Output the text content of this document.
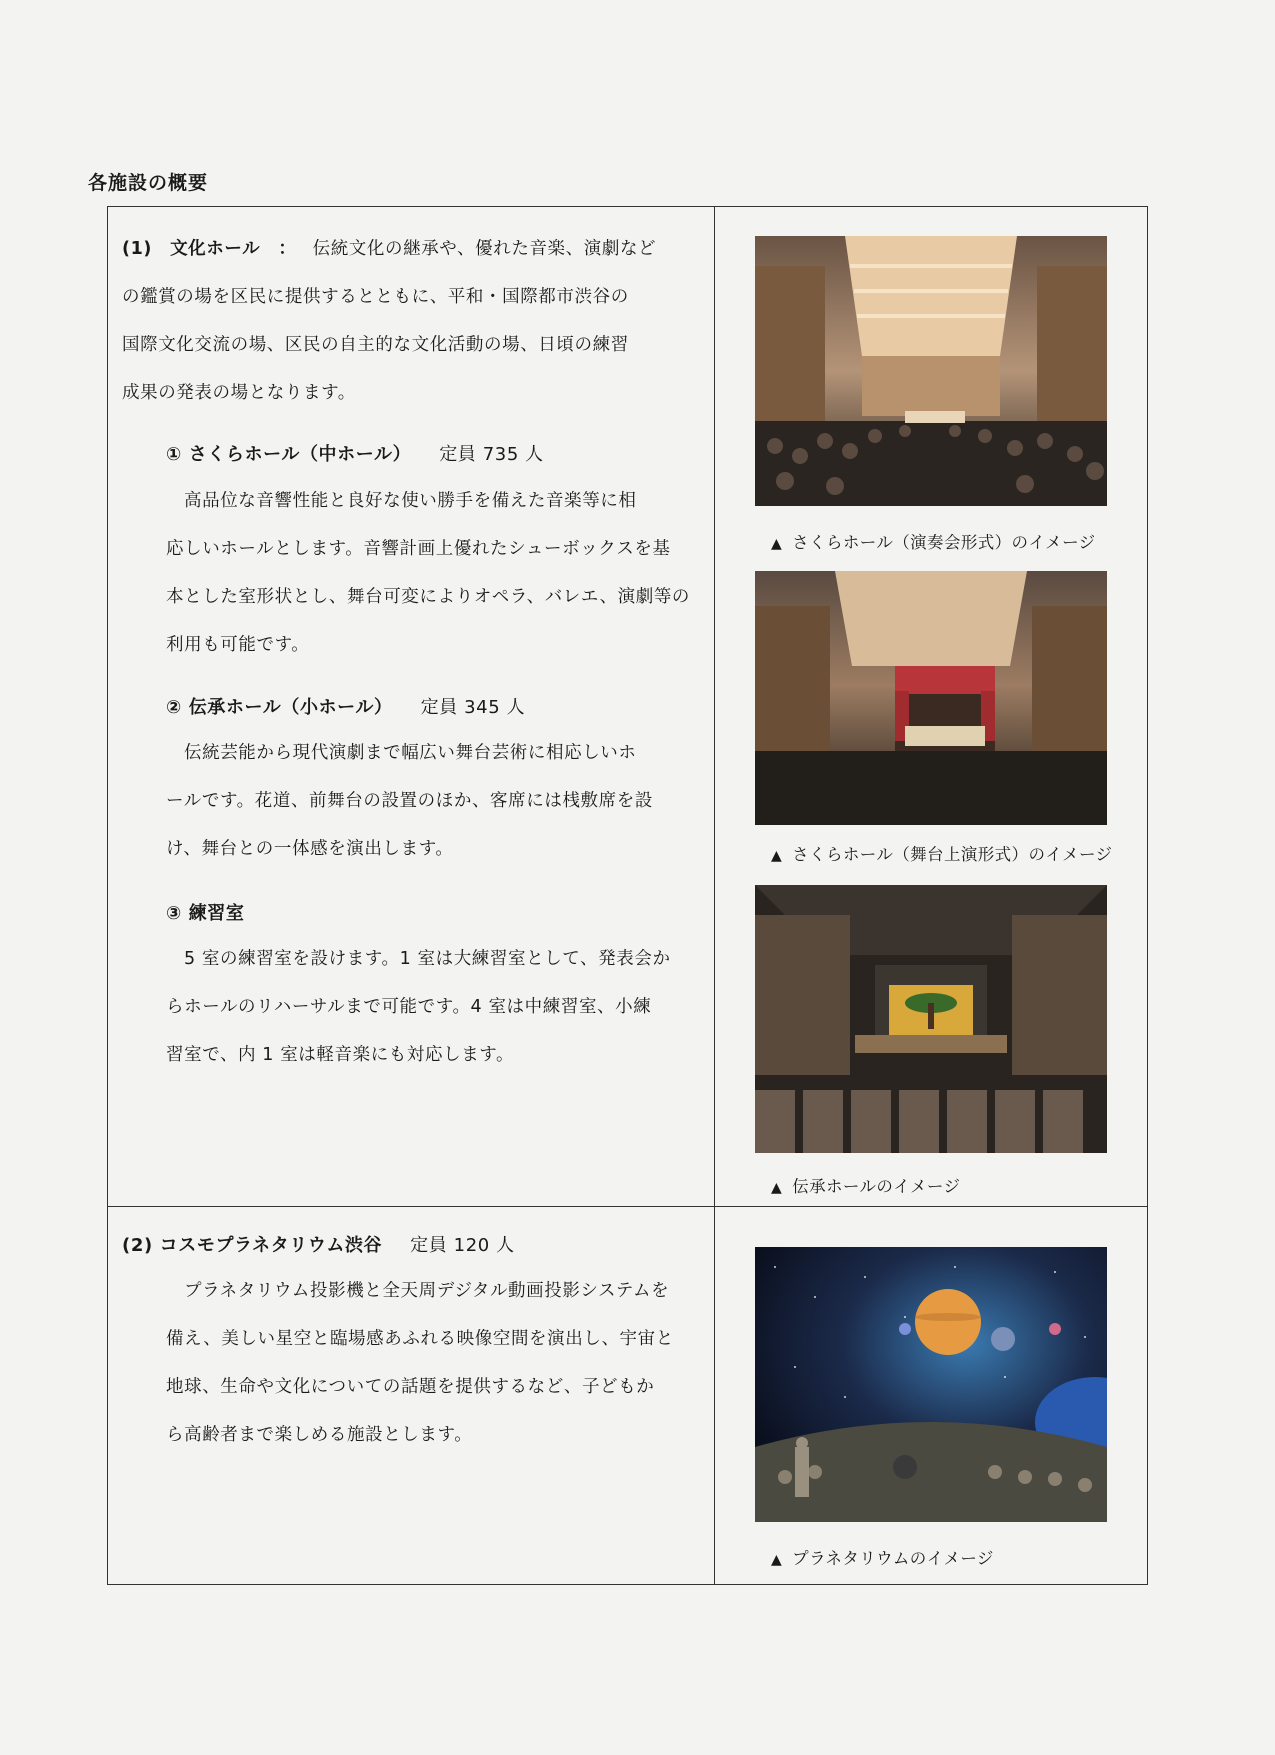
各施設の概要
(1)　文化ホール　： 伝統文化の継承や、優れた音楽、演劇など
の鑑賞の場を区民に提供するとともに、平和・国際都市渋谷の
国際文化交流の場、区民の自主的な文化活動の場、日頃の練習
成果の発表の場となります。
① さくらホール（中ホール） 定員 735 人
高品位な音響性能と良好な使い勝手を備えた音楽等に相
応しいホールとします。音響計画上優れたシューボックスを基
本とした室形状とし、舞台可変によりオペラ、バレエ、演劇等の
利用も可能です。
② 伝承ホール（小ホール） 定員 345 人
伝統芸能から現代演劇まで幅広い舞台芸術に相応しいホ
ールです。花道、前舞台の設置のほか、客席には桟敷席を設
け、舞台との一体感を演出します。
③ 練習室
5 室の練習室を設けます。1 室は大練習室として、発表会か
らホールのリハーサルまで可能です。4 室は中練習室、小練
習室で、内 1 室は軽音楽にも対応します。
▲ さくらホール（演奏会形式）のイメージ
▲ さくらホール（舞台上演形式）のイメージ
▲ 伝承ホールのイメージ
(2) コスモプラネタリウム渋谷 定員 120 人
プラネタリウム投影機と全天周デジタル動画投影システムを
備え、美しい星空と臨場感あふれる映像空間を演出し、宇宙と
地球、生命や文化についての話題を提供するなど、子どもか
ら高齢者まで楽しめる施設とします。
▲ プラネタリウムのイメージ
